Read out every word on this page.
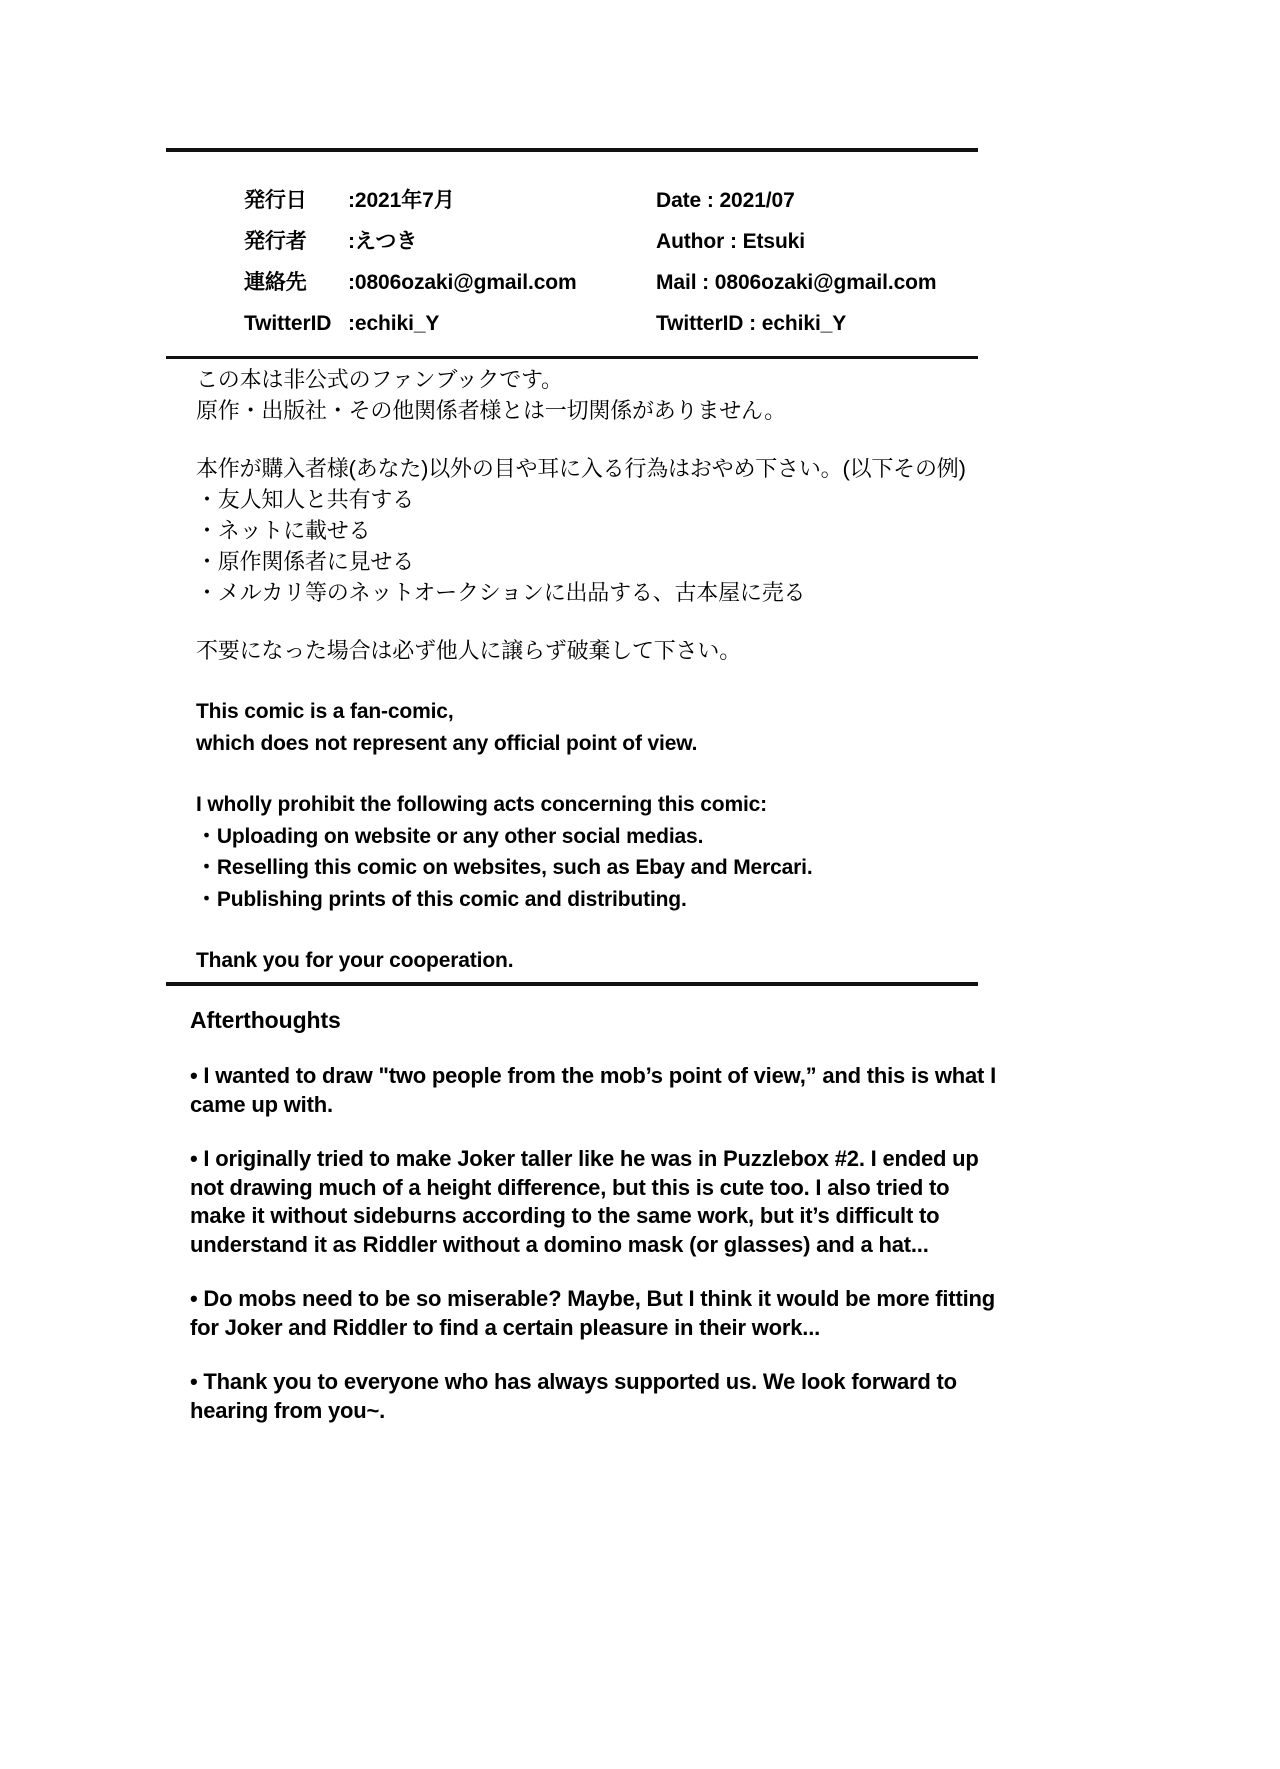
発行日	:2021年7月	Date : 2021/07
発行者	:えつき	Author : Etsuki
連絡先	:0806ozaki@gmail.com	Mail : 0806ozaki@gmail.com
TwitterID :echiki_Y	TwitterID : echiki_Y
この本は非公式のファンブックです。
原作・出版社・その他関係者様とは一切関係がありません。
本作が購入者様(あなた)以外の目や耳に入る行為はおやめ下さい。(以下その例)
・友人知人と共有する
・ネットに載せる
・原作関係者に見せる
・メルカリ等のネットオークションに出品する、古本屋に売る
不要になった場合は必ず他人に譲らず破棄して下さい。
This comic is a fan-comic,
which does not represent any official point of view.
I wholly prohibit the following acts concerning this comic:
・Uploading on website or any other social medias.
・Reselling this comic on websites, such as Ebay and Mercari.
・Publishing prints of this comic and distributing.
Thank you for your cooperation.
Afterthoughts
• I wanted to draw "two people from the mob’s point of view,” and this is what I came up with.
• I originally tried to make Joker taller like he was in Puzzlebox #2. I ended up not drawing much of a height difference, but this is cute too. I also tried to make it without sideburns according to the same work, but it’s difficult to understand it as Riddler without a domino mask (or glasses) and a hat...
• Do mobs need to be so miserable? Maybe, But I think it would be more fitting for Joker and Riddler to find a certain pleasure in their work...
• Thank you to everyone who has always supported us. We look forward to hearing from you~.
